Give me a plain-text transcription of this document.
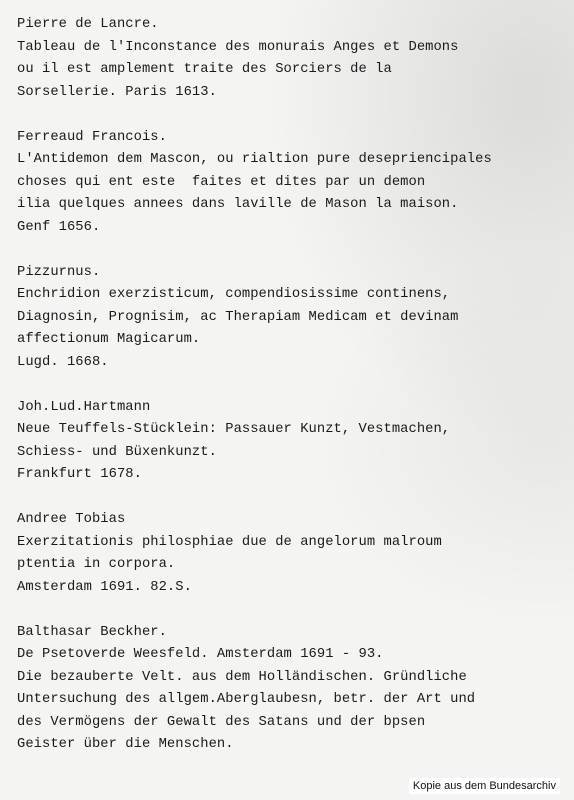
Pierre de Lancre.
Tableau de l'Inconstance des monurais Anges et Demons
ou il est amplement traite des Sorciers de la
Sorsellerie. Paris 1613.
Ferreaud Francois.
L'Antidemon dem Mascon, ou rialtion pure desepriencipales
choses qui ent este  faites et dites par un demon
ilia quelques annees dans laville de Mason la maison.
Genf 1656.
Pizzurnus.
Enchridion exerzisticum, compendiosissime continens,
Diagnosin, Prognisim, ac Therapiam Medicam et devinam
affectionum Magicarum.
Lugd. 1668.
Joh.Lud.Hartmann
Neue Teuffels-Stücklein: Passauer Kunzt, Vestmachen,
Schiess- und Büxenkunzt.
Frankfurt 1678.
Andree Tobias
Exerzitationis philosphiae due de angelorum malroum
ptentia in corpora.
Amsterdam 1691. 82.S.
Balthasar Beckher.
De Psetoverde Weesfeld. Amsterdam 1691 - 93.
Die bezauberte Velt. aus dem Holländischen. Gründliche
Untersuchung des allgem.Aberglaubesn, betr. der Art und
des Vermögens der Gewalt des Satans und der bpsen
Geister über die Menschen.
Kopie aus dem Bundesarchiv
